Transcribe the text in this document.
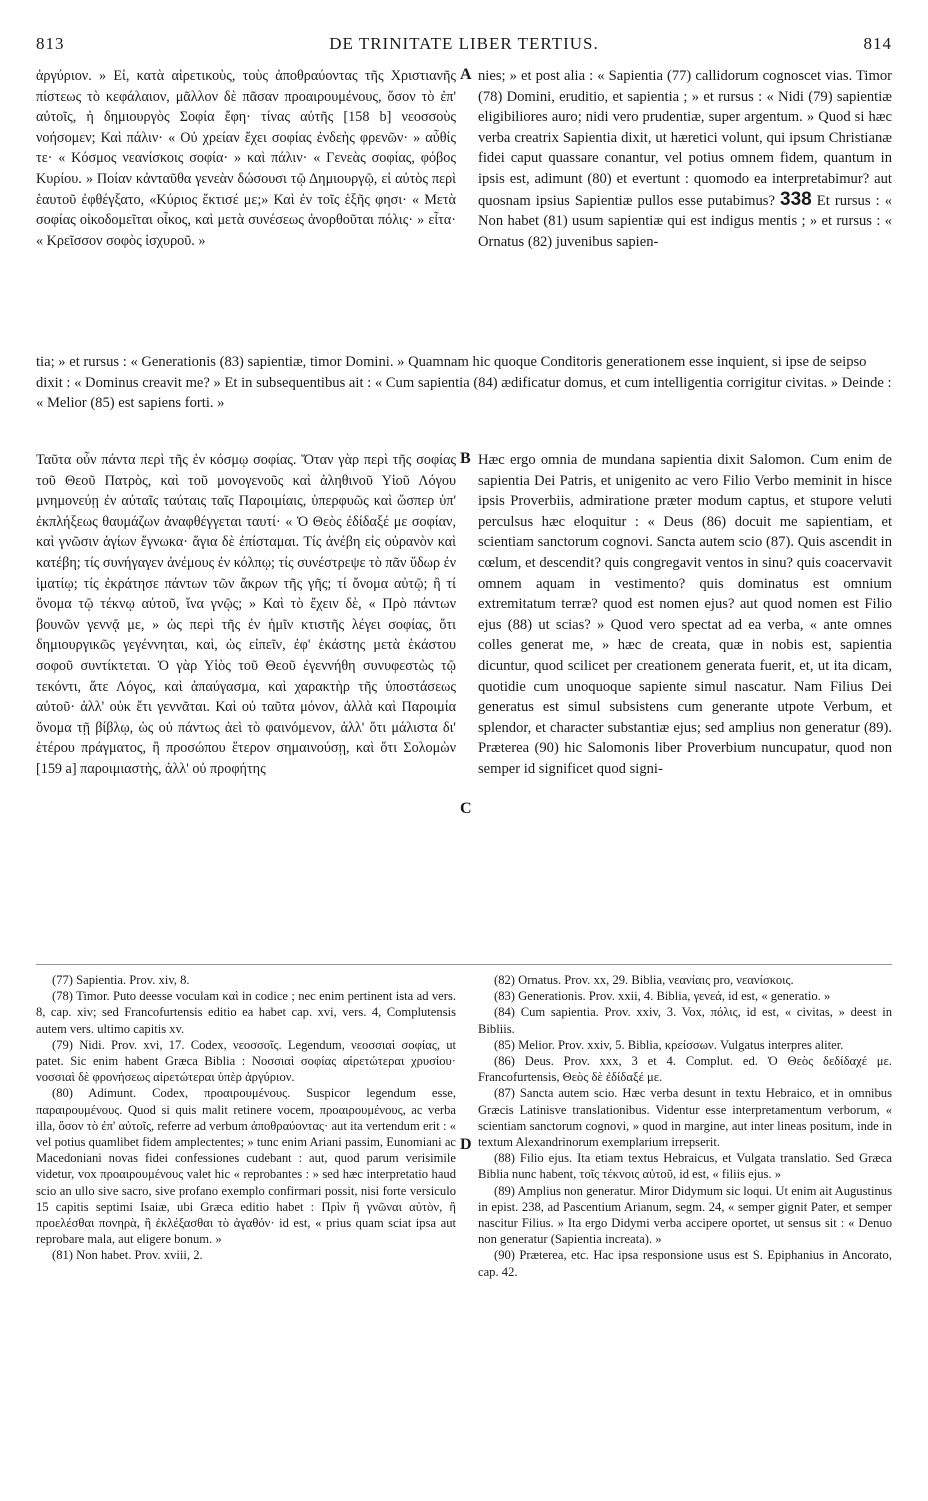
813	DE TRINITATE LIBER TERTIUS.	814

ἀργύριον. » Εἰ, κατὰ αἱρετικοὺς, τοὺς ἀποθραύοντας τῆς Χριστιανῆς πίστεως τὸ κεφάλαιον, μᾶλλον δὲ πᾶσαν προαιρουμένους, ὅσον τὸ ἐπ' αὐτοῖς, ἡ δημιουργὸς Σοφία ἔφη· τίνας αὐτῆς [158 b] νεοσσοὺς νοήσομεν; Καὶ πάλιν· « Οὐ χρείαν ἔχει σοφίας ἐνδεὴς φρενῶν· » αὖθίς τε· « Κόσμος νεανίσκοις σοφία· » καὶ πάλιν· « Γενεὰς σοφίας, φόβος Κυρίου. » Ποίαν κἀνταῦθα γενεὰν δώσουσι τῷ Δημιουργῷ, εἰ αὐτὸς περὶ ἑαυτοῦ ἐφθέγξατο, «Κύριος ἔκτισέ με;» Καὶ ἐν τοῖς ἑξῆς φησι· « Μετὰ σοφίας οἰκοδομεῖται οἶκος, καὶ μετὰ συνέσεως ἀνορθοῦται πόλις· » εἶτα· « Κρεῖσσον σοφὸς ἰσχυροῦ. »

A nies; » et post alia : « Sapientia (77) callidorum cognoscet vias. Timor (78) Domini, eruditio, et sapientia ; » et rursus : « Nidi (79) sapientiæ eligibiliores auro; nidi vero prudentiæ, super argentum. » Quod si hæc verba creatrix Sapientia dixit, ut hæretici volunt, qui ipsum Christianæ fidei caput quassare conantur, vel potius omnem fidem, quantum in ipsis est, adimunt (80) et evertunt : quomodo ea interpretabimur? aut quosnam ipsius Sapientiæ pullos esse putabimus? 338 Et rursus : « Non habet (81) usum sapientiæ qui est indigus mentis ; » et rursus : « Ornatus (82) juvenibus sapien-

tia; » et rursus : « Generationis (83) sapientiæ, timor Domini. » Quamnam hic quoque Conditoris generationem esse inquient, si ipse de seipso dixit : « Dominus creavit me? » Et in subsequentibus ait : « Cum sapientia (84) ædificatur domus, et cum intelligentia corrigitur civitas. » Deinde : « Melior (85) est sapiens forti. »

Ταῦτα οὖν πάντα περὶ τῆς ἐν κόσμῳ σοφίας. Ὅταν γὰρ περὶ τῆς σοφίας τοῦ Θεοῦ Πατρὸς, καὶ τοῦ μονογενοῦς καὶ ἀληθινοῦ Υἱοῦ Λόγου μνημονεύῃ ἐν αὐταῖς ταύταις ταῖς Παροιμίαις, ὑπερφυῶς καὶ ὥσπερ ὑπ' ἐκπλήξεως θαυμάζων ἀναφθέγγεται ταυτί· « Ὁ Θεὸς ἐδίδαξέ με σοφίαν, καὶ γνῶσιν ἁγίων ἔγνωκα· ἅγια δὲ ἐπίσταμαι. Τίς ἀνέβη εἰς οὐρανὸν καὶ κατέβη; τίς συνήγαγεν ἀνέμους ἐν κόλπῳ; τίς συνέστρεψε τὸ πᾶν ὕδωρ ἐν ἱματίῳ; τίς ἐκράτησε πάντων τῶν ἄκρων τῆς γῆς; τί ὄνομα αὐτῷ; ἢ τί ὄνομα τῷ τέκνῳ αὐτοῦ, ἵνα γνῷς; » Καὶ τὸ ἔχειν δὲ, « Πρὸ πάντων βουνῶν γεννᾷ με, » ὡς περὶ τῆς ἐν ἡμῖν κτιστῆς λέγει σοφίας, ὅτι δημιουργικῶς γεγέννηται, καὶ, ὡς εἰπεῖν, ἐφ' ἑκάστης μετὰ ἑκάστου σοφοῦ συντίκτεται. Ὁ γὰρ Υἱὸς τοῦ Θεοῦ ἐγεννήθη συνυφεστὼς τῷ τεκόντι, ἅτε Λόγος, καὶ ἀπαύγασμα, καὶ χαρακτὴρ τῆς ὑποστάσεως αὐτοῦ· ἀλλ' οὐκ ἔτι γεννᾶται. Καὶ οὐ ταῦτα μόνον, ἀλλὰ καὶ Παροιμία ὄνομα τῇ βίβλῳ, ὡς οὐ πάντως ἀεὶ τὸ φαινόμενον, ἀλλ' ὅτι μάλιστα δι' ἑτέρου πράγματος, ἢ προσώπου ἕτερον σημαινούσῃ, καὶ ὅτι Σολομὼν [159 a] παροιμιαστὴς, ἀλλ' οὐ προφήτης

B
C

Hæc ergo omnia de mundana sapientia dixit Salomon. Cum enim de sapientia Dei Patris, et unigenito ac vero Filio Verbo meminit in hisce ipsis Proverbiis, admiratione præter modum captus, et stupore veluti perculsus hæc eloquitur : « Deus (86) docuit me sapientiam, et scientiam sanctorum cognovi. Sancta autem scio (87). Quis ascendit in cœlum, et descendit? quis congregavit ventos in sinu? quis coacervavit omnem aquam in vestimento? quis dominatus est omnium extremitatum terræ? quod est nomen ejus? aut quod nomen est Filio ejus (88) ut scias? » Quod vero spectat ad ea verba, « ante omnes colles generat me, » hæc de creata, quæ in nobis est, sapientia dicuntur, quod scilicet per creationem generata fuerit, et, ut ita dicam, quotidie cum unoquoque sapiente simul nascatur. Nam Filius Dei generatus est simul subsistens cum generante utpote Verbum, et splendor, et character substantiæ ejus; sed amplius non generatur (89). Præterea (90) hic Salomonis liber Proverbium nuncupatur, quod non semper id significet quod signi-

(77) Sapientia. Prov. xiv, 8.

(78) Timor. Puto deesse voculam καὶ in codice ; nec enim pertinent ista ad vers. 8, cap. xiv; sed Francofurtensis editio ea habet cap. xvi, vers. 4, Complutensis autem vers. ultimo capitis xv.

(79) Nidi. Prov. xvi, 17. Codex, νεοσσοῖς. Legendum, νεοσσιαὶ σοφίας, ut patet. Sic enim habent Græca Biblia : Νοσσιαὶ σοφίας αἱρετώτεραι χρυσίου· νοσσιαὶ δὲ φρονήσεως αἱρετώτεραι ὑπὲρ ἀργύριον.

(80) Adimunt. Codex, προαιρουμένους. Suspicor legendum esse, παραιρουμένους. Quod si quis malit retinere vocem, προαιρουμένους, ac verba illa, ὅσον τὸ ἐπ' αὐτοῖς, referre ad verbum ἀποθραύοντας· aut ita vertendum erit : « vel potius quamlibet fidem amplectentes; » tunc enim Ariani passim, Eunomiani ac Macedoniani novas fidei confessiones cudebant : aut, quod parum verisimile videtur, vox προαιρουμένους valet hic « reprobantes : » sed hæc interpretatio haud scio an ullo sive sacro, sive profano exemplo confirmari possit, nisi forte versiculo 15 capitis septimi Isaiæ, ubi Græca editio habet : Πρὶν ἢ γνῶναι αὐτὸν, ἢ προελέσθαι πονηρὰ, ἢ ἐκλέξασθαι τὸ ἀγαθόν· id est, « prius quam sciat ipsa aut reprobare mala, aut eligere bonum. »

(81) Non habet. Prov. xviii, 2.

D

(82) Ornatus. Prov. xx, 29. Biblia, νεανίαις pro, νεανίσκοις.

(83) Generationis. Prov. xxii, 4. Biblia, γενεά, id est, « generatio. »

(84) Cum sapientia. Prov. xxiv, 3. Vox, πόλις, id est, « civitas, » deest in Bibliis.

(85) Melior. Prov. xxiv, 5. Biblia, κρείσσων. Vulgatus interpres aliter.

(86) Deus. Prov. xxx, 3 et 4. Complut. ed. Ὁ Θεὸς δεδίδαχέ με. Francofurtensis, Θεὸς δὲ ἐδίδαξέ με.

(87) Sancta autem scio. Hæc verba desunt in textu Hebraico, et in omnibus Græcis Latinisve translationibus. Videntur esse interpretamentum verborum, « scientiam sanctorum cognovi, » quod in margine, aut inter lineas positum, inde in textum Alexandrinorum exemplarium irrepserit.

(88) Filio ejus. Ita etiam textus Hebraicus, et Vulgata translatio. Sed Græca Biblia nunc habent, τοῖς τέκνοις αὐτοῦ, id est, « filiis ejus. »

(89) Amplius non generatur. Miror Didymum sic loqui. Ut enim ait Augustinus in epist. 238, ad Pascentium Arianum, segm. 24, « semper gignit Pater, et semper nascitur Filius. » Ita ergo Didymi verba accipere oportet, ut sensus sit : « Denuo non generatur (Sapientia increata). »

(90) Præterea, etc. Hac ipsa responsione usus est S. Epiphanius in Ancorato, cap. 42.
